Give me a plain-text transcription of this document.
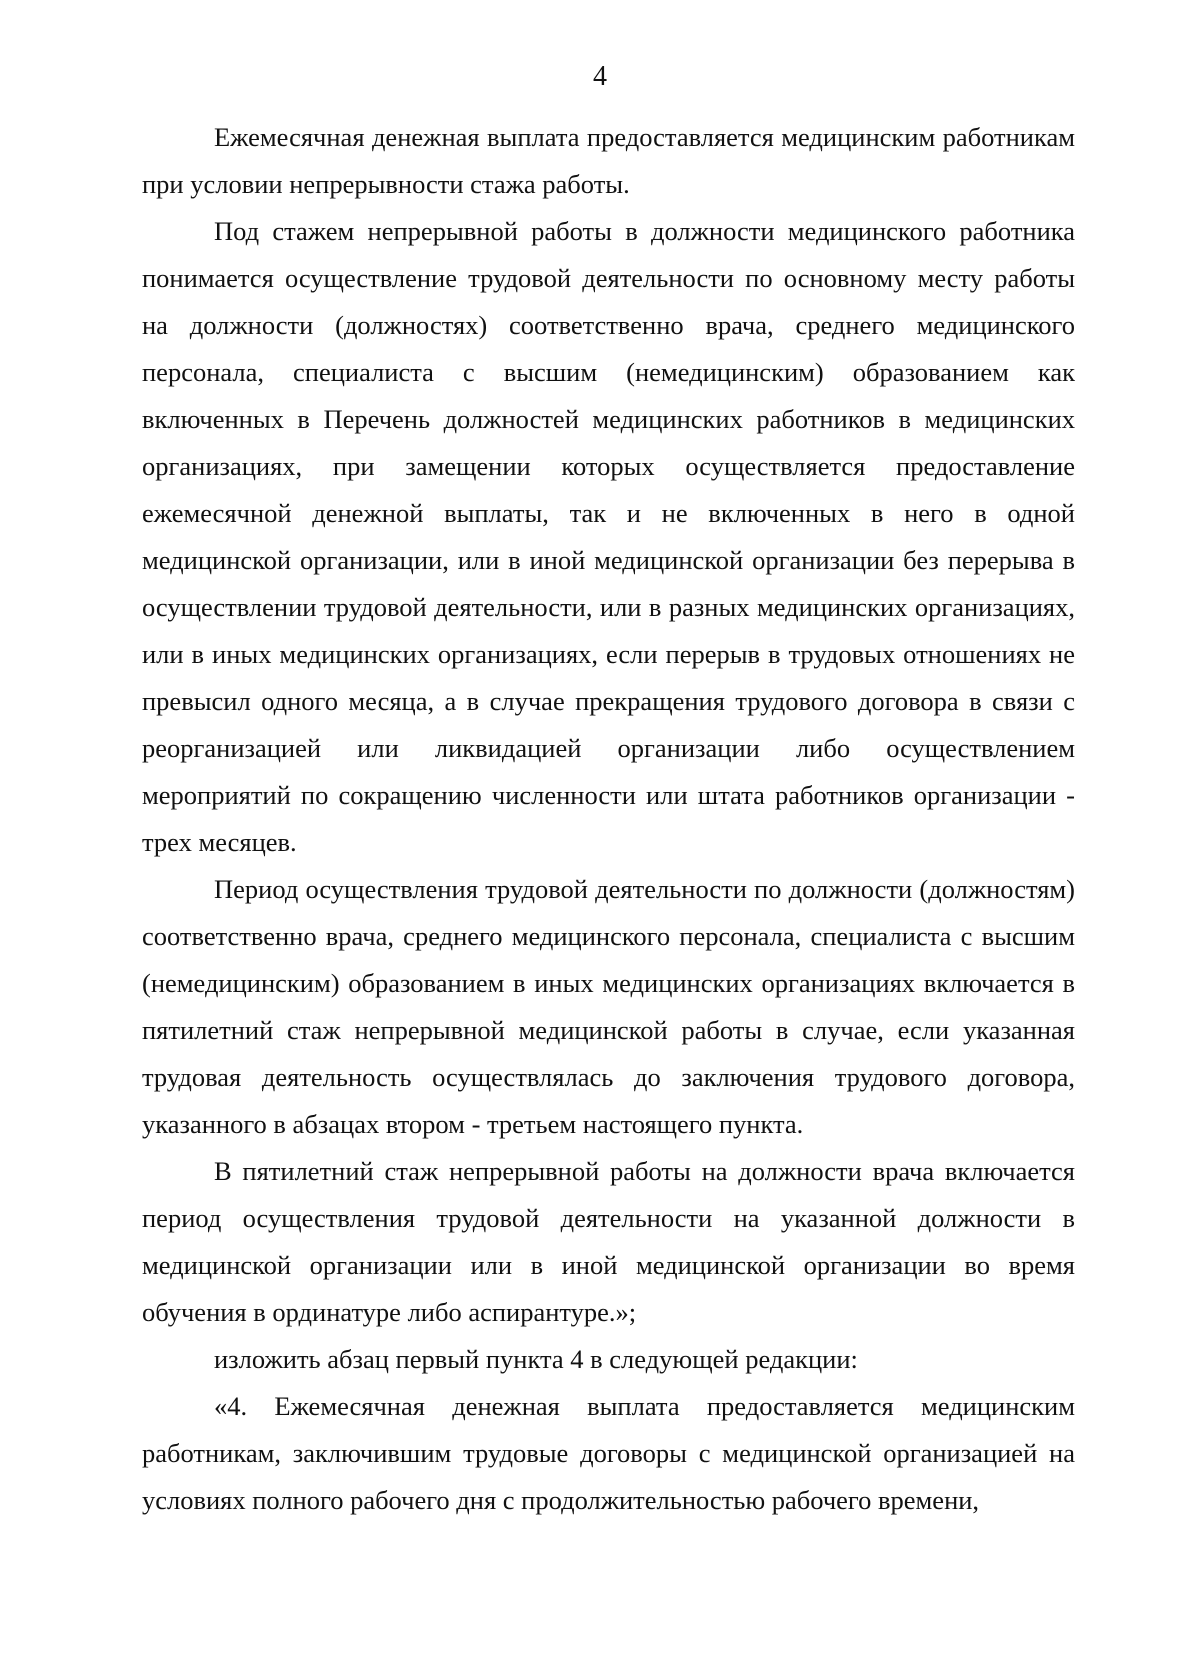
4

Ежемесячная денежная выплата предоставляется медицинским работникам при условии непрерывности стажа работы.

Под стажем непрерывной работы в должности медицинского работника понимается осуществление трудовой деятельности по основному месту работы на должности (должностях) соответственно врача, среднего медицинского персонала, специалиста с высшим (немедицинским) образованием как включенных в Перечень должностей медицинских работников в медицинских организациях, при замещении которых осуществляется предоставление ежемесячной денежной выплаты, так и не включенных в него в одной медицинской организации, или в иной медицинской организации без перерыва в осуществлении трудовой деятельности, или в разных медицинских организациях, или в иных медицинских организациях, если перерыв в трудовых отношениях не превысил одного месяца, а в случае прекращения трудового договора в связи с реорганизацией или ликвидацией организации либо осуществлением мероприятий по сокращению численности или штата работников организации - трех месяцев.

Период осуществления трудовой деятельности по должности (должностям) соответственно врача, среднего медицинского персонала, специалиста с высшим (немедицинским) образованием в иных медицинских организациях включается в пятилетний стаж непрерывной медицинской работы в случае, если указанная трудовая деятельность осуществлялась до заключения трудового договора, указанного в абзацах втором - третьем настоящего пункта.

В пятилетний стаж непрерывной работы на должности врача включается период осуществления трудовой деятельности на указанной должности в медицинской организации или в иной медицинской организации во время обучения в ординатуре либо аспирантуре.»;

изложить абзац первый пункта 4 в следующей редакции:

«4. Ежемесячная денежная выплата предоставляется медицинским работникам, заключившим трудовые договоры с медицинской организацией на условиях полного рабочего дня с продолжительностью рабочего времени,
